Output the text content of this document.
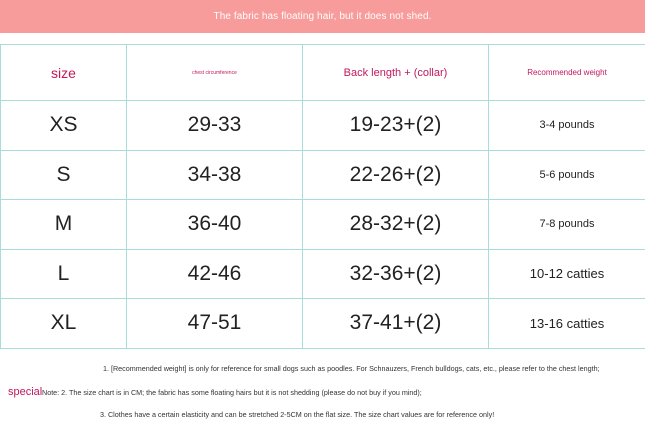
The fabric has floating hair, but it does not shed.
size	chest circumference	Back length + (collar)	Recommended weight
XS	29-33	19-23+(2)	3-4 pounds
S	34-38	22-26+(2)	5-6 pounds
M	36-40	28-32+(2)	7-8 pounds
L	42-46	32-36+(2)	10-12 catties
XL	47-51	37-41+(2)	13-16 catties
1. [Recommended weight] is only for reference for small dogs such as poodles. For Schnauzers, French bulldogs, cats, etc., please refer to the chest length;
special Note: 2. The size chart is in CM; the fabric has some floating hairs but it is not shedding (please do not buy if you mind);
3. Clothes have a certain elasticity and can be stretched 2-5CM on the flat size. The size chart values are for reference only!
